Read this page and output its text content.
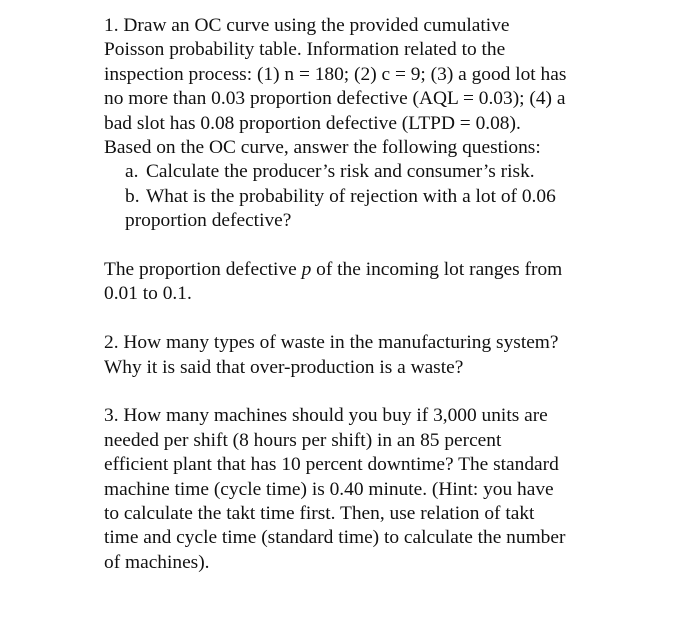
1. Draw an OC curve using the provided cumulative
Poisson probability table. Information related to the
inspection process: (1) n = 180; (2) c = 9; (3) a good lot has
no more than 0.03 proportion defective (AQL = 0.03); (4) a
bad slot has 0.08 proportion defective (LTPD = 0.08).
Based on the OC curve, answer the following questions:
a. Calculate the producer’s risk and consumer’s risk.
b. What is the probability of rejection with a lot of 0.06
proportion defective?
The proportion defective p of the incoming lot ranges from
0.01 to 0.1.
2. How many types of waste in the manufacturing system?
Why it is said that over-production is a waste?
3. How many machines should you buy if 3,000 units are
needed per shift (8 hours per shift) in an 85 percent
efficient plant that has 10 percent downtime? The standard
machine time (cycle time) is 0.40 minute. (Hint: you have
to calculate the takt time first. Then, use relation of takt
time and cycle time (standard time) to calculate the number
of machines).
